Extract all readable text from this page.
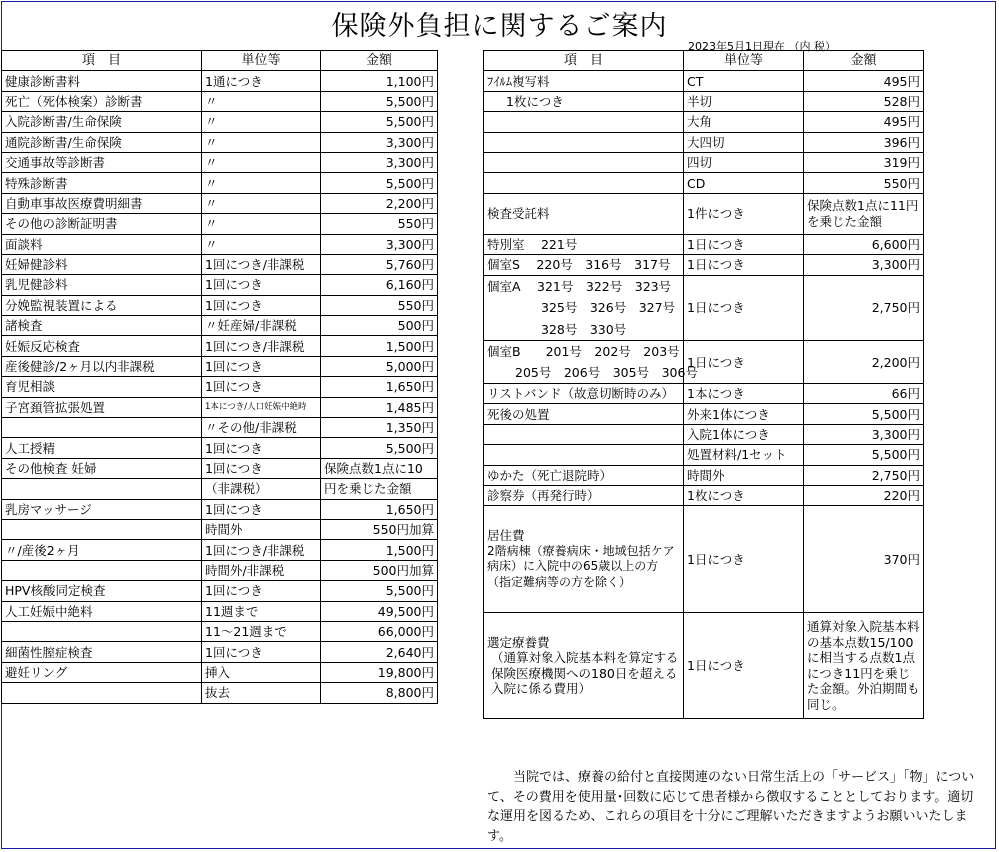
保険外負担に関するご案内
2023年5月1日現在 （内 税）
項　目	単位等	金額
健康診断書料	1通につき	1,100円
死亡（死体検案）診断書	〃	5,500円
入院診断書/生命保険	〃	5,500円
通院診断書/生命保険	〃	3,300円
交通事故等診断書	〃	3,300円
特殊診断書	〃	5,500円
自動車事故医療費明細書	〃	2,200円
その他の診断証明書	〃	550円
面談料	〃	3,300円
妊婦健診料	1回につき/非課税	5,760円
乳児健診料	1回につき	6,160円
分娩監視装置による	1回につき	550円
諸検査	〃妊産婦/非課税	500円
妊娠反応検査	1回につき/非課税	1,500円
産後健診/2ヶ月以内非課税	1回につき	5,000円
育児相談	1回につき	1,650円
子宮頚管拡張処置	1本につき/人口妊娠中絶時	1,485円
	〃その他/非課税	1,350円
人工授精	1回につき	5,500円
その他検査 妊婦	1回につき	保険点数1点に10
	（非課税）	円を乗じた金額
乳房マッサージ	1回につき	1,650円
	時間外	550円加算
〃/産後2ヶ月	1回につき/非課税	1,500円
	時間外/非課税	500円加算
HPV核酸同定検査	1回につき	5,500円
人工妊娠中絶料	11週まで	49,500円
	11～21週まで	66,000円
細菌性膣症検査	1回につき	2,640円
避妊リング	挿入	19,800円
	抜去	8,800円
項　目	単位等	金額
ﾌｲﾙﾑ複写料	CT	495円
1枚につき	半切	528円
	大角	495円
	大四切	396円
	四切	319円
	CD	550円
検査受託料	1件につき	保険点数1点に11円を乗じた金額
特別室　 221号	1日につき	6,600円
個室S　 220号　316号　317号	1日につき	3,300円

個室A　 321号　322号　323号
325号　326号　327号
328号　330号	1日につき	2,750円

個室B　　201号　202号　203号
205号　206号　305号　306号	1日につき	2,200円
リストバンド（故意切断時のみ）	1本につき	66円
死後の処置	外来1体につき	5,500円
	入院1体につき	3,300円
	処置材料/1セット	5,500円
ゆかた（死亡退院時）	時間外	2,750円
診察券（再発行時）	1枚につき	220円

居住費
2階病棟（療養病床・地域包括ケア病床）に入院中の65歳以上の方（指定難病等の方を除く）	1日につき	370円

選定療養費
（通算対象入院基本料を算定する保険医療機関への180日を超える入院に係る費用）	1日につき	通算対象入院基本料の基本点数15/100に相当する点数1点につき11円を乗じた金額。外泊期間も同じ。
当院では、療養の給付と直接関連のない日常生活上の「サービス」「物」について、その費用を使用量･回数に応じて患者様から徴収することとしております。適切な運用を図るため、これらの項目を十分にご理解いただきますようお願いいたします。
